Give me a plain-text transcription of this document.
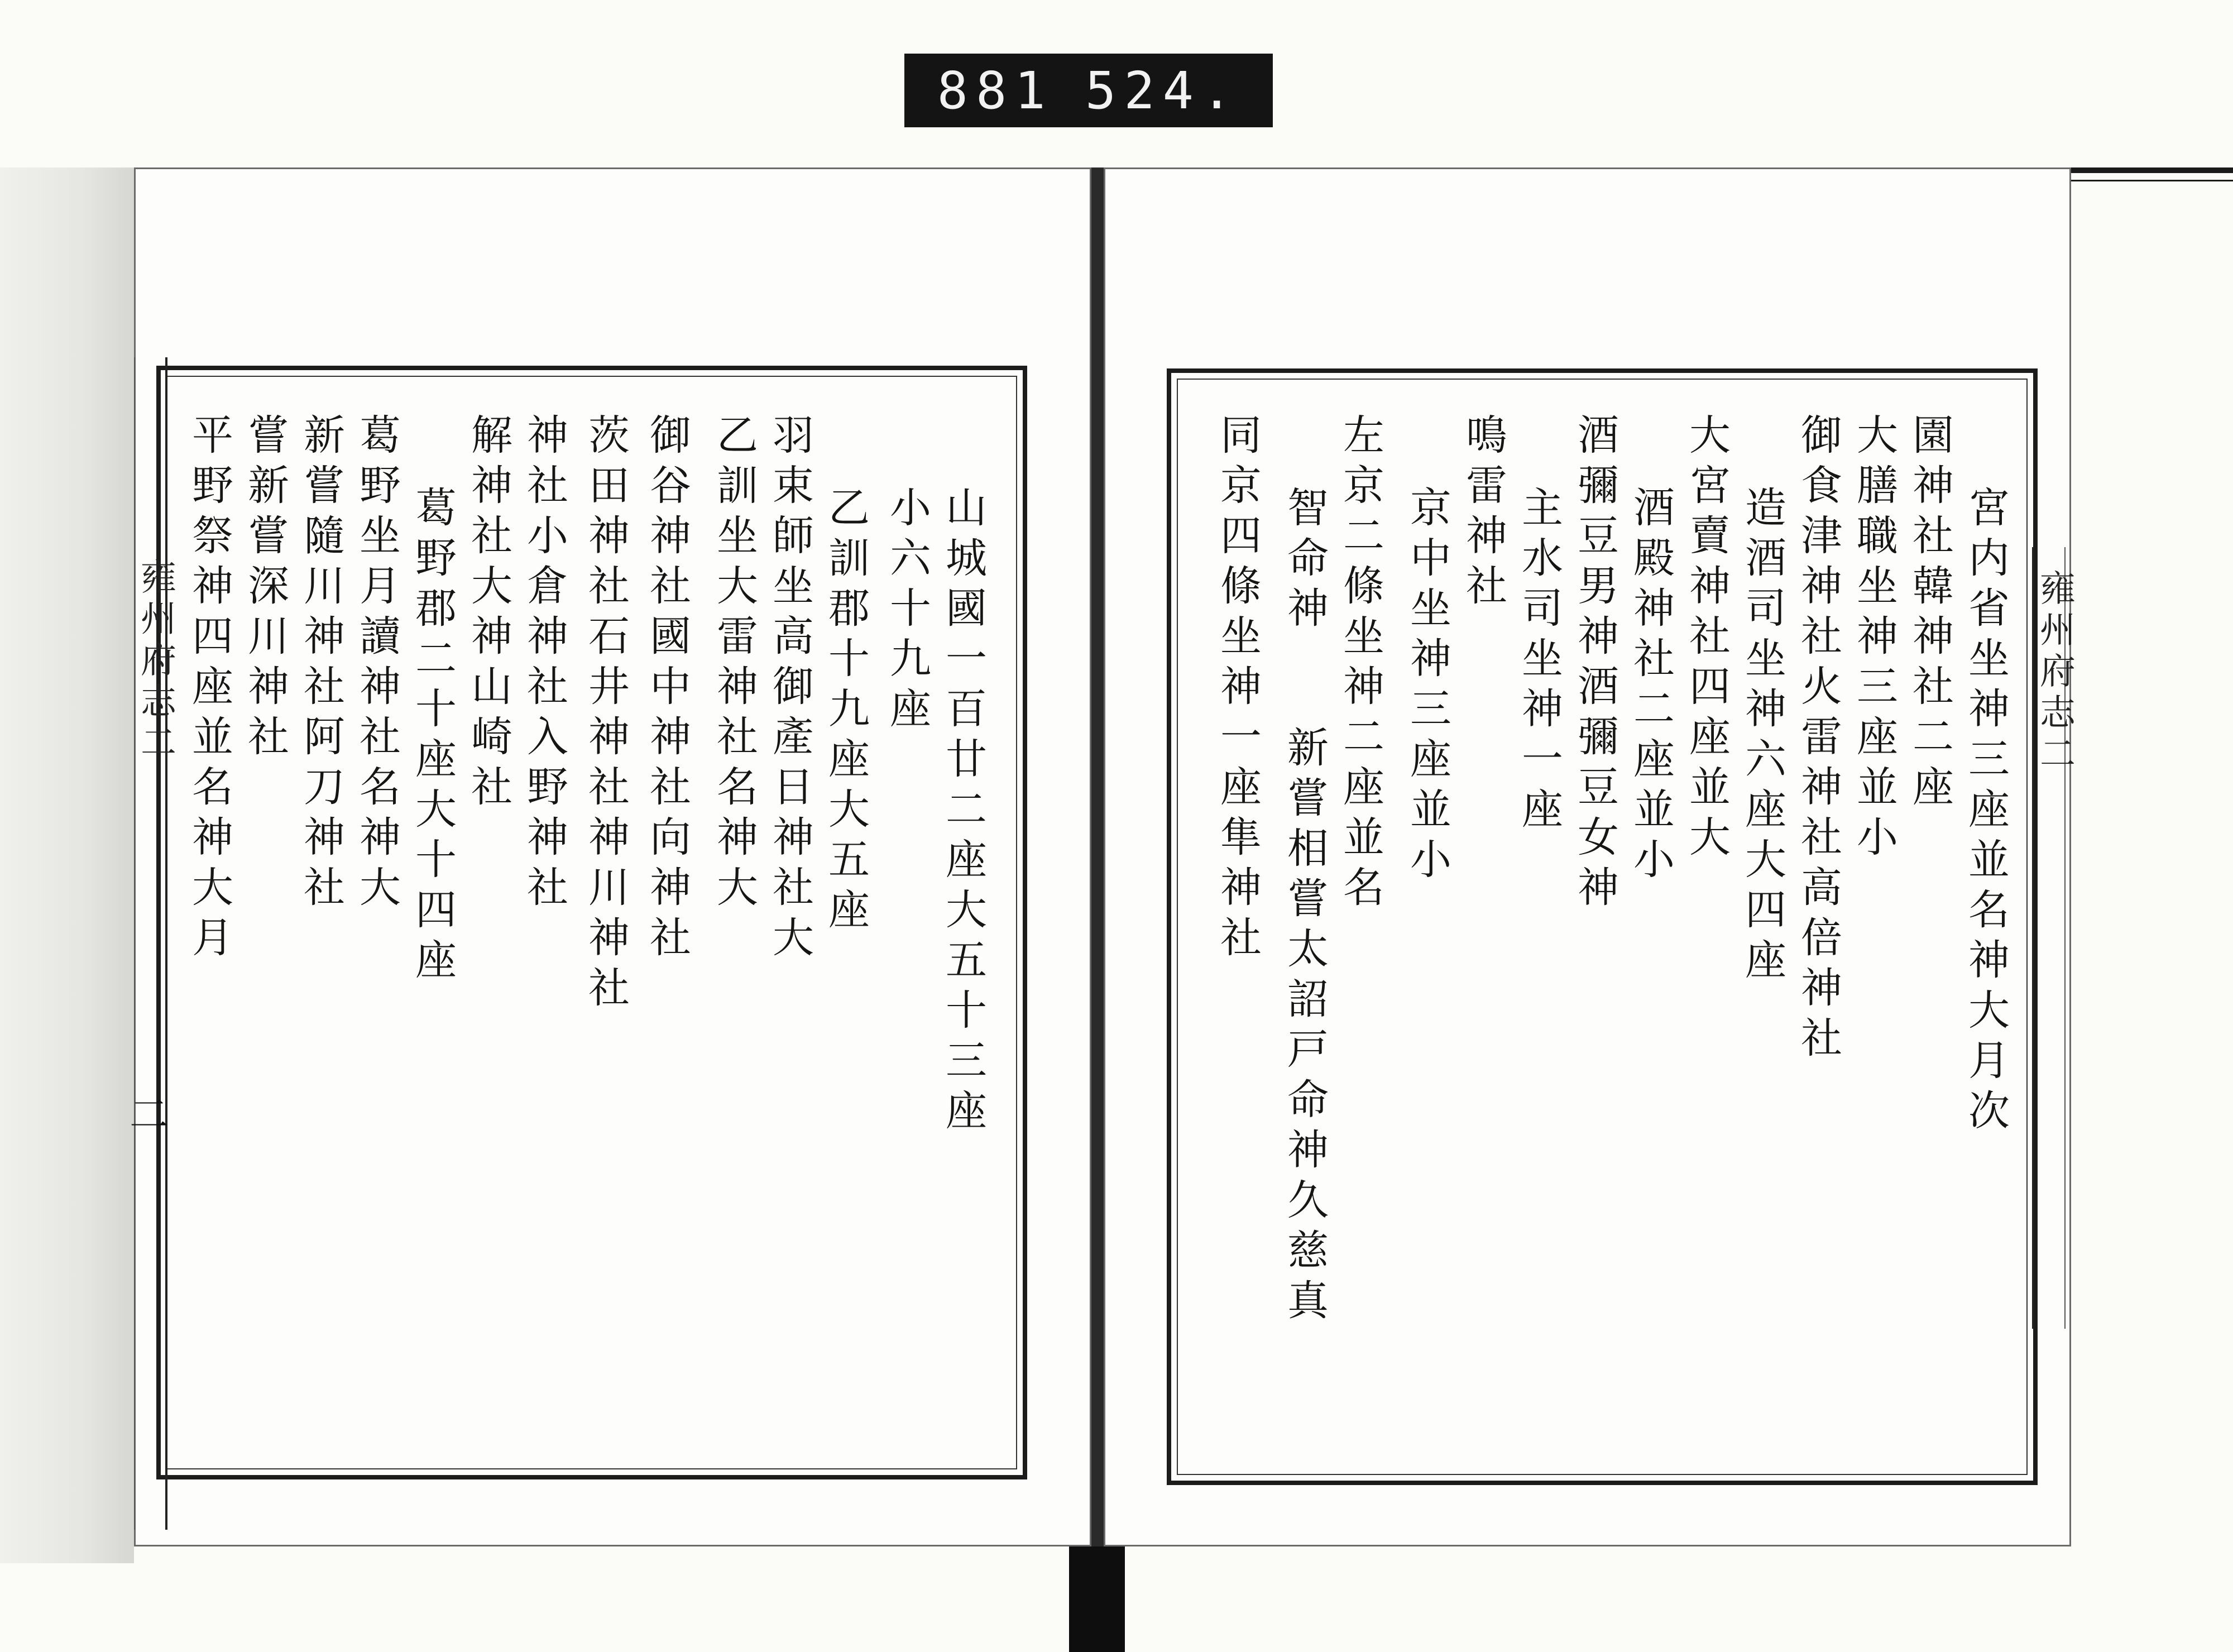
881 524.
雍州府志二
二
雍州府志二
山城國一百廿二座大五十三座
小六十九座
乙訓郡十九座大五座
羽束師坐高御產日神社大
乙訓坐大雷神社名神大
御谷神社國中神社向神社
茨田神社石井神社神川神社
神社小倉神社入野神社
解神社大神山崎社
葛野郡二十座大十四座
葛野坐月讀神社名神大
新嘗隨川神社阿刀神社
嘗新嘗深川神社
平野祭神四座並名神大月	宮内省坐神三座並名神大月次
園神社韓神社二座
大膳職坐神三座並小
御食津神社火雷神社高倍神社
造酒司坐神六座大四座
大宮賣神社四座並大
酒殿神社二座並小
酒彌豆男神酒彌豆女神
主水司坐神一座
鳴雷神社
京中坐神三座並小
左京二條坐神二座並名
新嘗相嘗太詔戸命神久慈真
智命神
同京四條坐神一座隼神社
